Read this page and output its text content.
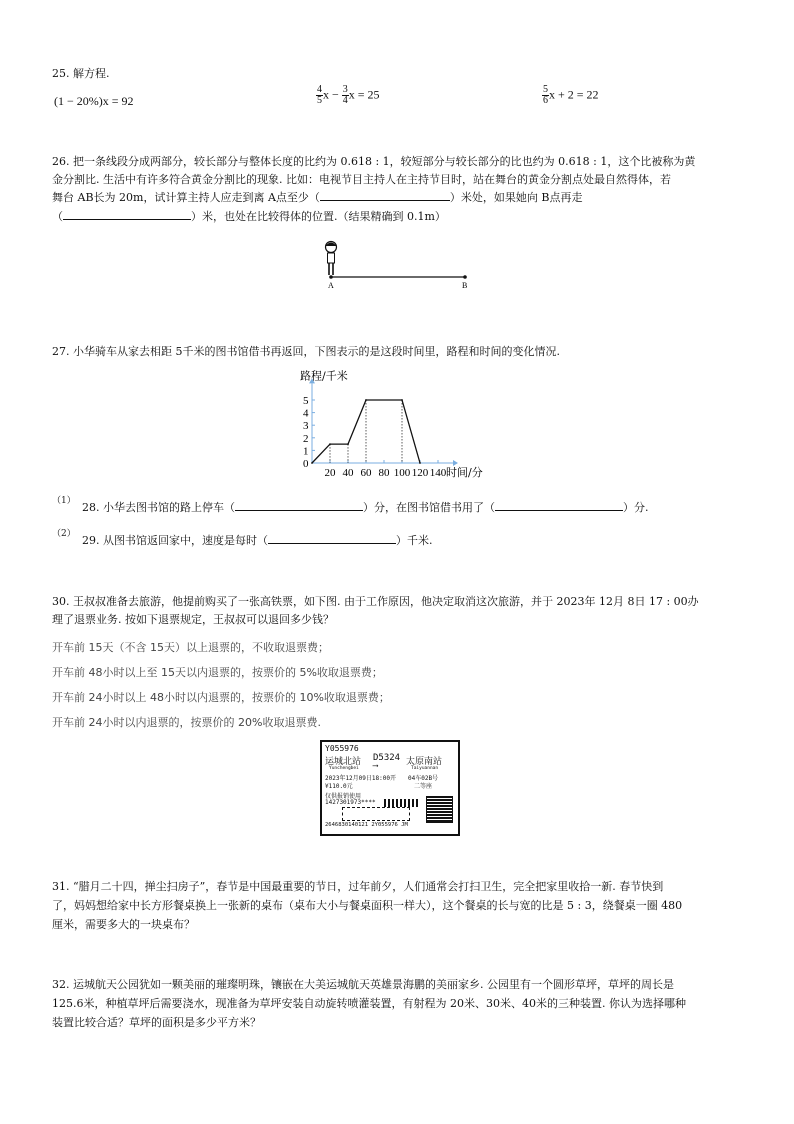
25. 解方程.
(1 − 20%)x = 92	$\frac{4}{5}$ $x - \frac{3}{4}$ x = 25	$\frac{5}{6}$ x + 2 = 22
26. 把一条线段分成两部分，较长部分与整体长度的比约为 0.618 : 1，较短部分与较长部分的比也约为 0.618 : 1，这个比被称为黄
金分割比. 生活中有许多符合黄金分割比的现象. 比如：电视节目主持人在主持节目时，站在舞台的黄金分割点处最自然得体，若
舞台 AB长为 20m，试计算主持人应走到离 A点至少（	）米处，如果她向 B点再走
（	）米，也处在比较得体的位置.（结果精确到 0.1m）
A	B
27. 小华骑车从家去相距 5千米的图书馆借书再返回，下图表示的是这段时间里，路程和时间的变化情况.
0
1
2
3
4
5
20 40 60 80 100 120 140
路程/千米
时间/分
（1） 28. 小华去图书馆的路上停车（	）分，在图书馆借书用了（	）分.
（2） 29. 从图书馆返回家中，速度是每时（	）千米.
30. 王叔叔准备去旅游，他提前购买了一张高铁票，如下图. 由于工作原因，他决定取消这次旅游，并于 2023年 12月 8日 17 : 00办
理了退票业务. 按如下退票规定，王叔叔可以退回多少钱？
开车前 15天（不含 15天）以上退票的，不收取退票费；
开车前 48小时以上至 15天以内退票的，按票价的 5%收取退票费；
开车前 24小时以上 48小时以内退票的，按票价的 10%收取退票费；
开车前 24小时以内退票的，按票价的 20%收取退票费.
Y055976
运城北站 D5324
⟶	太原南站
Yunchengbei	Taiyuannan
2023年12月09日18:00开 04车02B号
¥110.0元	二等座
仅供报销使用
1427301973****
2646830140121 2Y055976 JM
31. “腊月二十四，掸尘扫房子”，春节是中国最重要的节日，过年前夕，人们通常会打扫卫生，完全把家里收拾一新. 春节快到
了，妈妈想给家中长方形餐桌换上一张新的桌布（桌布大小与餐桌面积一样大），这个餐桌的长与宽的比是 5 : 3，绕餐桌一圈 480
厘米，需要多大的一块桌布？
32. 运城航天公园犹如一颗美丽的璀璨明珠，镶嵌在大美运城航天英雄景海鹏的美丽家乡. 公园里有一个圆形草坪，草坪的周长是
125.6米，种植草坪后需要浇水，现准备为草坪安装自动旋转喷灌装置，有射程为 20米、30米、40米的三种装置. 你认为选择哪种
装置比较合适？草坪的面积是多少平方米？
